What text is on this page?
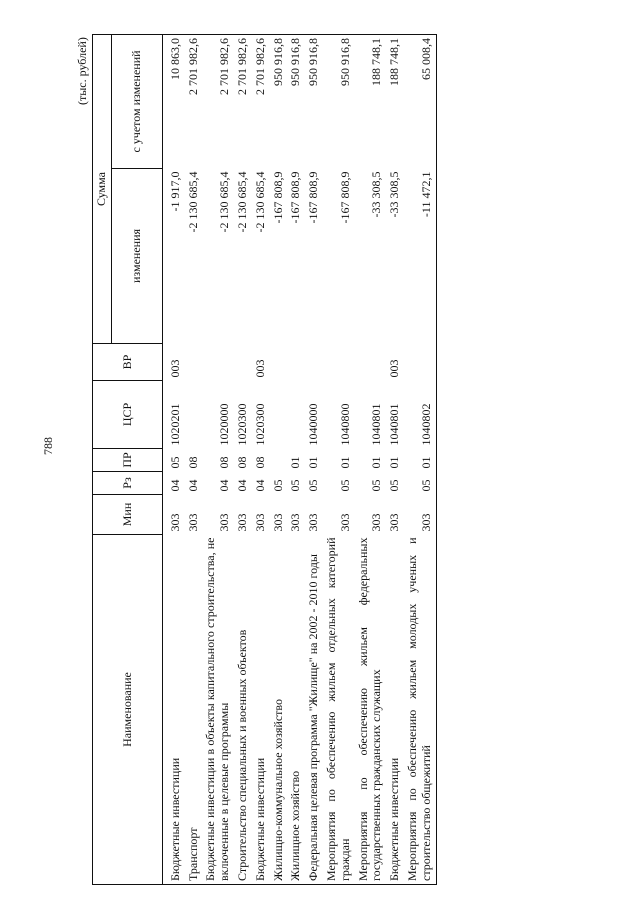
788
(тыс. рублей)
Наименование	Мин	Рз	ПР	ЦСР	ВР	Сумма	
						изменения	с учетом изменений
Бюджетные инвестиции	303	04	05	1020201	003	-1 917,0	10 863,0
Транспорт	303	04	08			-2 130 685,4	2 701 982,6
Бюджетные инвестиции в объекты капитального строительства, не включенные в целевые программы	303	04	08	1020000		-2 130 685,4	2 701 982,6
Строительство специальных и военных объектов	303	04	08	1020300		-2 130 685,4	2 701 982,6
Бюджетные инвестиции	303	04	08	1020300	003	-2 130 685,4	2 701 982,6
Жилищно-коммунальное хозяйство	303	05				-167 808,9	950 916,8
Жилищное хозяйство	303	05	01			-167 808,9	950 916,8
Федеральная целевая программа "Жилище" на 2002 - 2010 годы	303	05	01	1040000		-167 808,9	950 916,8
Мероприятия по обеспечению жильем отдельных категорий граждан	303	05	01	1040800		-167 808,9	950 916,8
Мероприятия по обеспечению жильем федеральных государственных гражданских служащих	303	05	01	1040801		-33 308,5	188 748,1
Бюджетные инвестиции	303	05	01	1040801	003	-33 308,5	188 748,1
Мероприятия по обеспечению жильем молодых ученых и строительство общежитий	303	05	01	1040802		-11 472,1	65 008,4
